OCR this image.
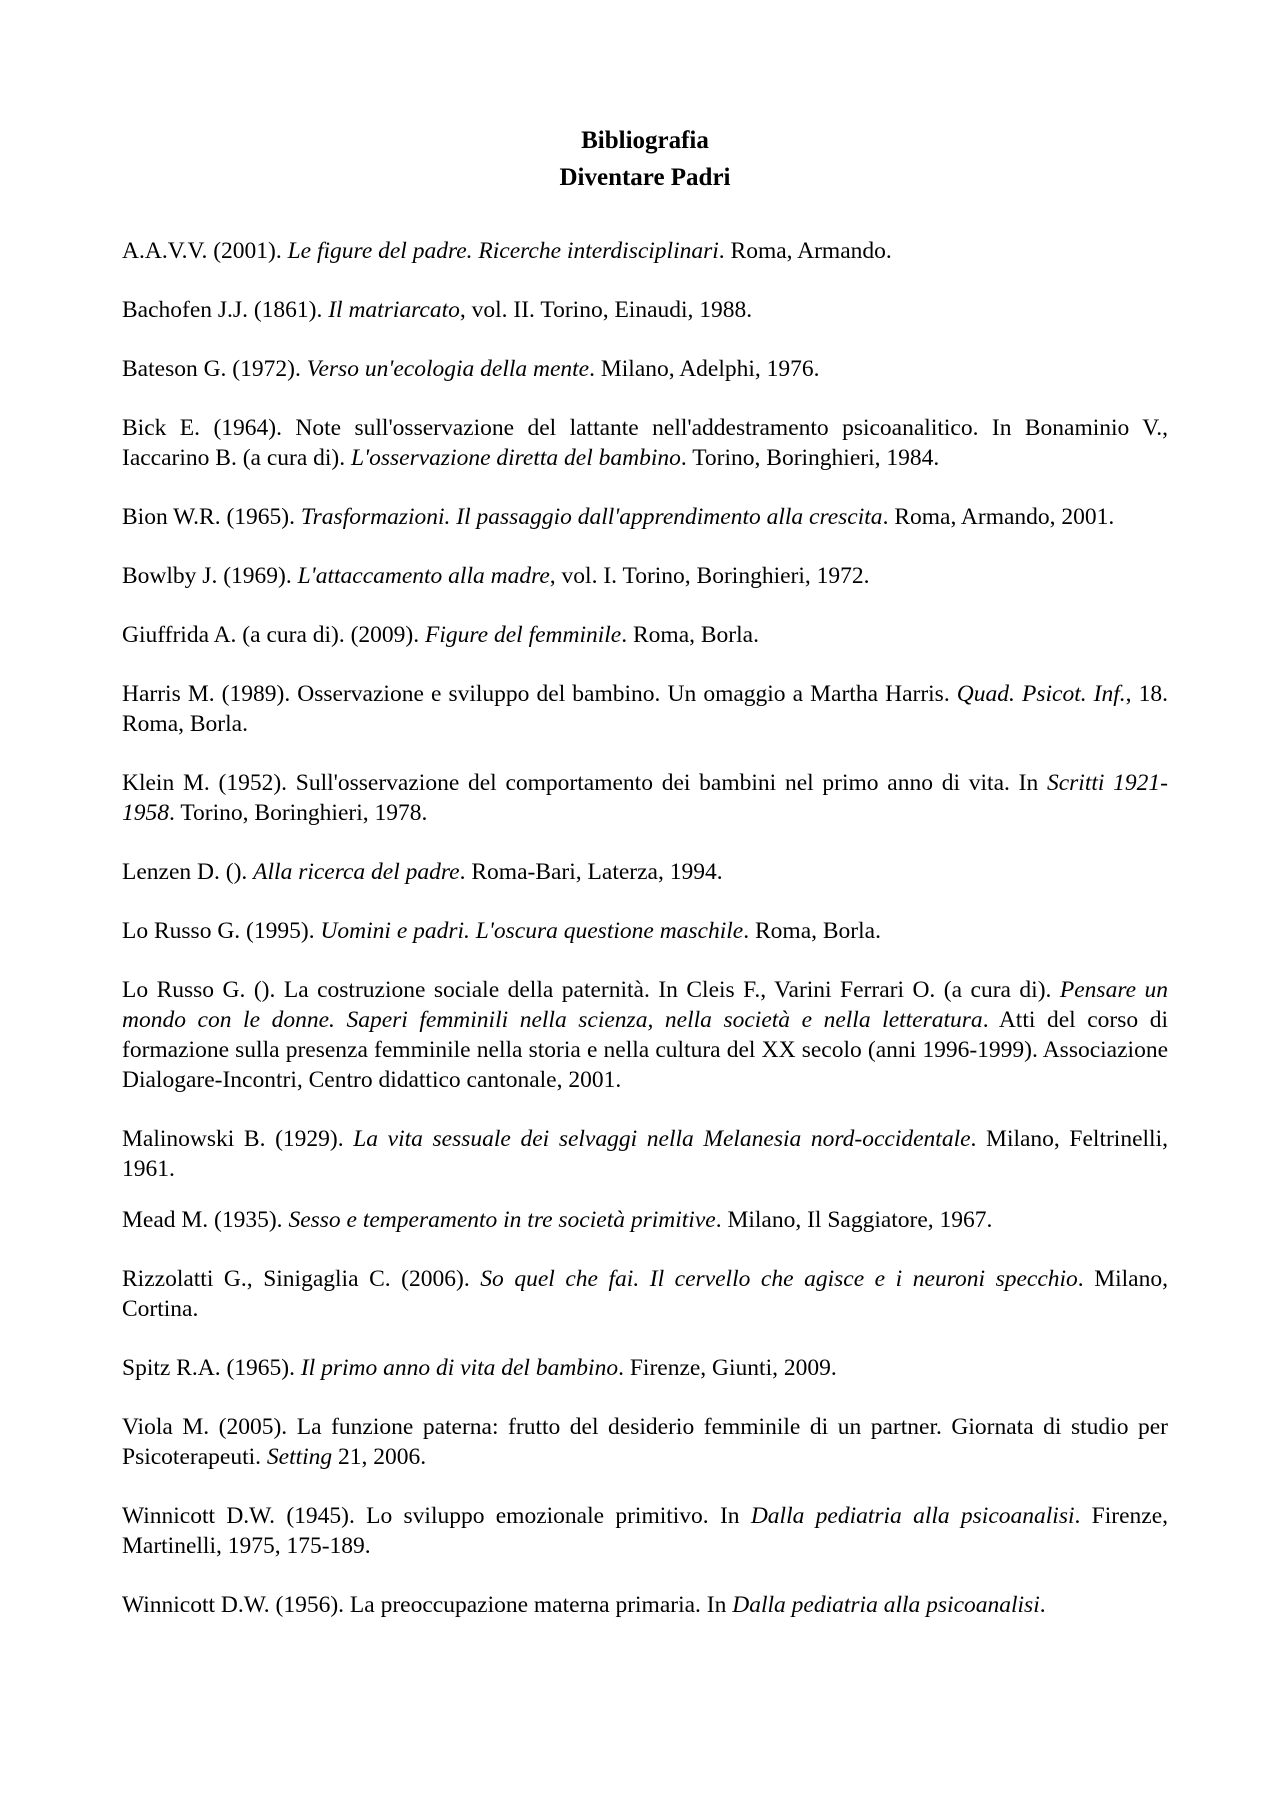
Bibliografia

Diventare Padri

A.A.V.V. (2001). Le figure del padre. Ricerche interdisciplinari. Roma, Armando.
Bachofen J.J. (1861). Il matriarcato, vol. II. Torino, Einaudi, 1988.
Bateson G. (1972). Verso un'ecologia della mente. Milano, Adelphi, 1976.
Bick E. (1964). Note sull'osservazione del lattante nell'addestramento psicoanalitico. In Bonaminio V., Iaccarino B. (a cura di). L'osservazione diretta del bambino. Torino, Boringhieri, 1984.
Bion W.R. (1965). Trasformazioni. Il passaggio dall'apprendimento alla crescita. Roma, Armando, 2001.
Bowlby J. (1969). L'attaccamento alla madre, vol. I. Torino, Boringhieri, 1972.
Giuffrida A. (a cura di). (2009). Figure del femminile. Roma, Borla.
Harris M. (1989). Osservazione e sviluppo del bambino. Un omaggio a Martha Harris. Quad. Psicot. Inf., 18. Roma, Borla.
Klein M. (1952). Sull'osservazione del comportamento dei bambini nel primo anno di vita. In Scritti 1921-1958. Torino, Boringhieri, 1978.
Lenzen D. (). Alla ricerca del padre. Roma-Bari, Laterza, 1994.
Lo Russo G. (1995). Uomini e padri. L'oscura questione maschile. Roma, Borla.
Lo Russo G. (). La costruzione sociale della paternità. In Cleis F., Varini Ferrari O. (a cura di). Pensare un mondo con le donne. Saperi femminili nella scienza, nella società e nella letteratura. Atti del corso di formazione sulla presenza femminile nella storia e nella cultura del XX secolo (anni 1996-1999). Associazione Dialogare-Incontri, Centro didattico cantonale, 2001.
Malinowski B. (1929). La vita sessuale dei selvaggi nella Melanesia nord-occidentale. Milano, Feltrinelli, 1961.
Mead M. (1935). Sesso e temperamento in tre società primitive. Milano, Il Saggiatore, 1967.
Rizzolatti G., Sinigaglia C. (2006). So quel che fai. Il cervello che agisce e i neuroni specchio. Milano, Cortina.
Spitz R.A. (1965). Il primo anno di vita del bambino. Firenze, Giunti, 2009.
Viola M. (2005). La funzione paterna: frutto del desiderio femminile di un partner. Giornata di studio per Psicoterapeuti. Setting 21, 2006.
Winnicott D.W. (1945). Lo sviluppo emozionale primitivo. In Dalla pediatria alla psicoanalisi. Firenze, Martinelli, 1975, 175-189.
Winnicott D.W. (1956). La preoccupazione materna primaria. In Dalla pediatria alla psicoanalisi.
